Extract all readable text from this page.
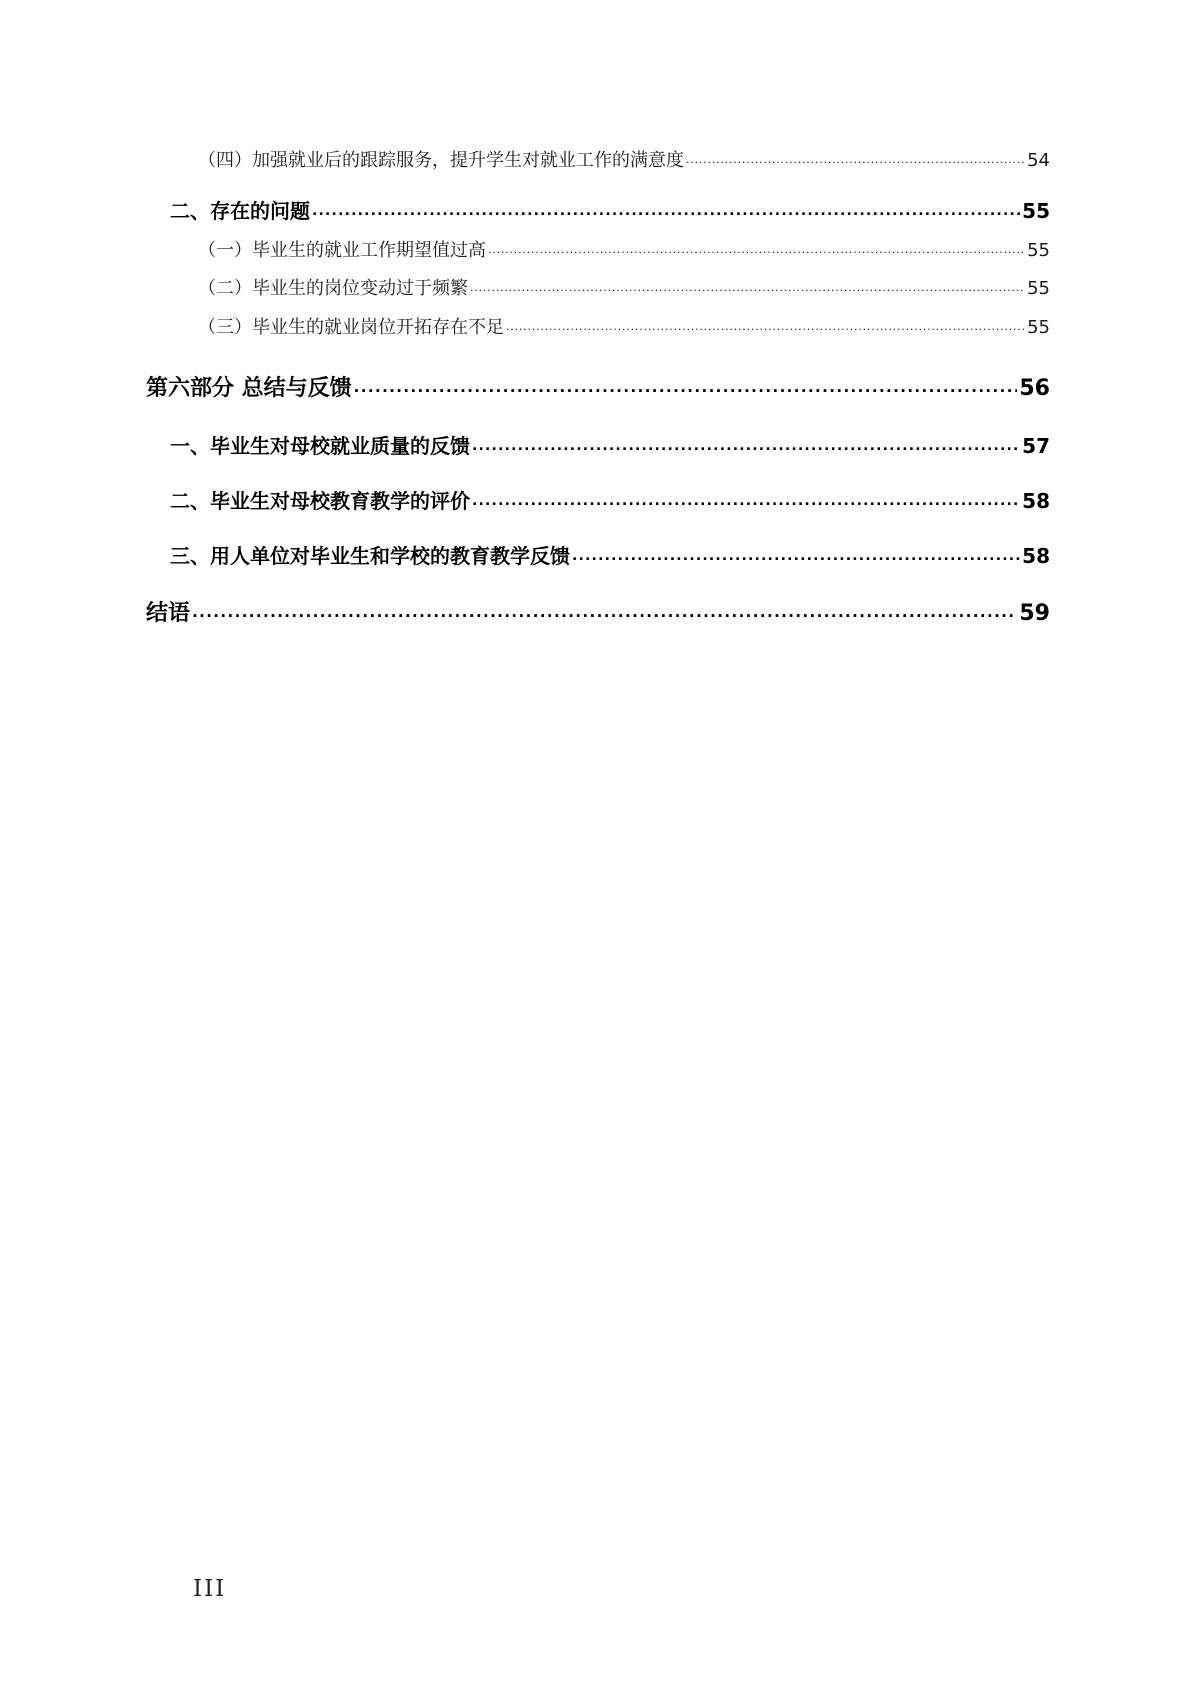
（四）加强就业后的跟踪服务，提升学生对就业工作的满意度 .....	54
二、存在的问题 .....	55
（一）毕业生的就业工作期望值过高 .....	55
（二）毕业生的岗位变动过于频繁 .....	55
（三）毕业生的就业岗位开拓存在不足 .....	55
第六部分 总结与反馈 .....	56
一、毕业生对母校就业质量的反馈 .....	57
二、毕业生对母校教育教学的评价 .....	58
三、用人单位对毕业生和学校的教育教学反馈 .....	58
结语 .....	59
III
